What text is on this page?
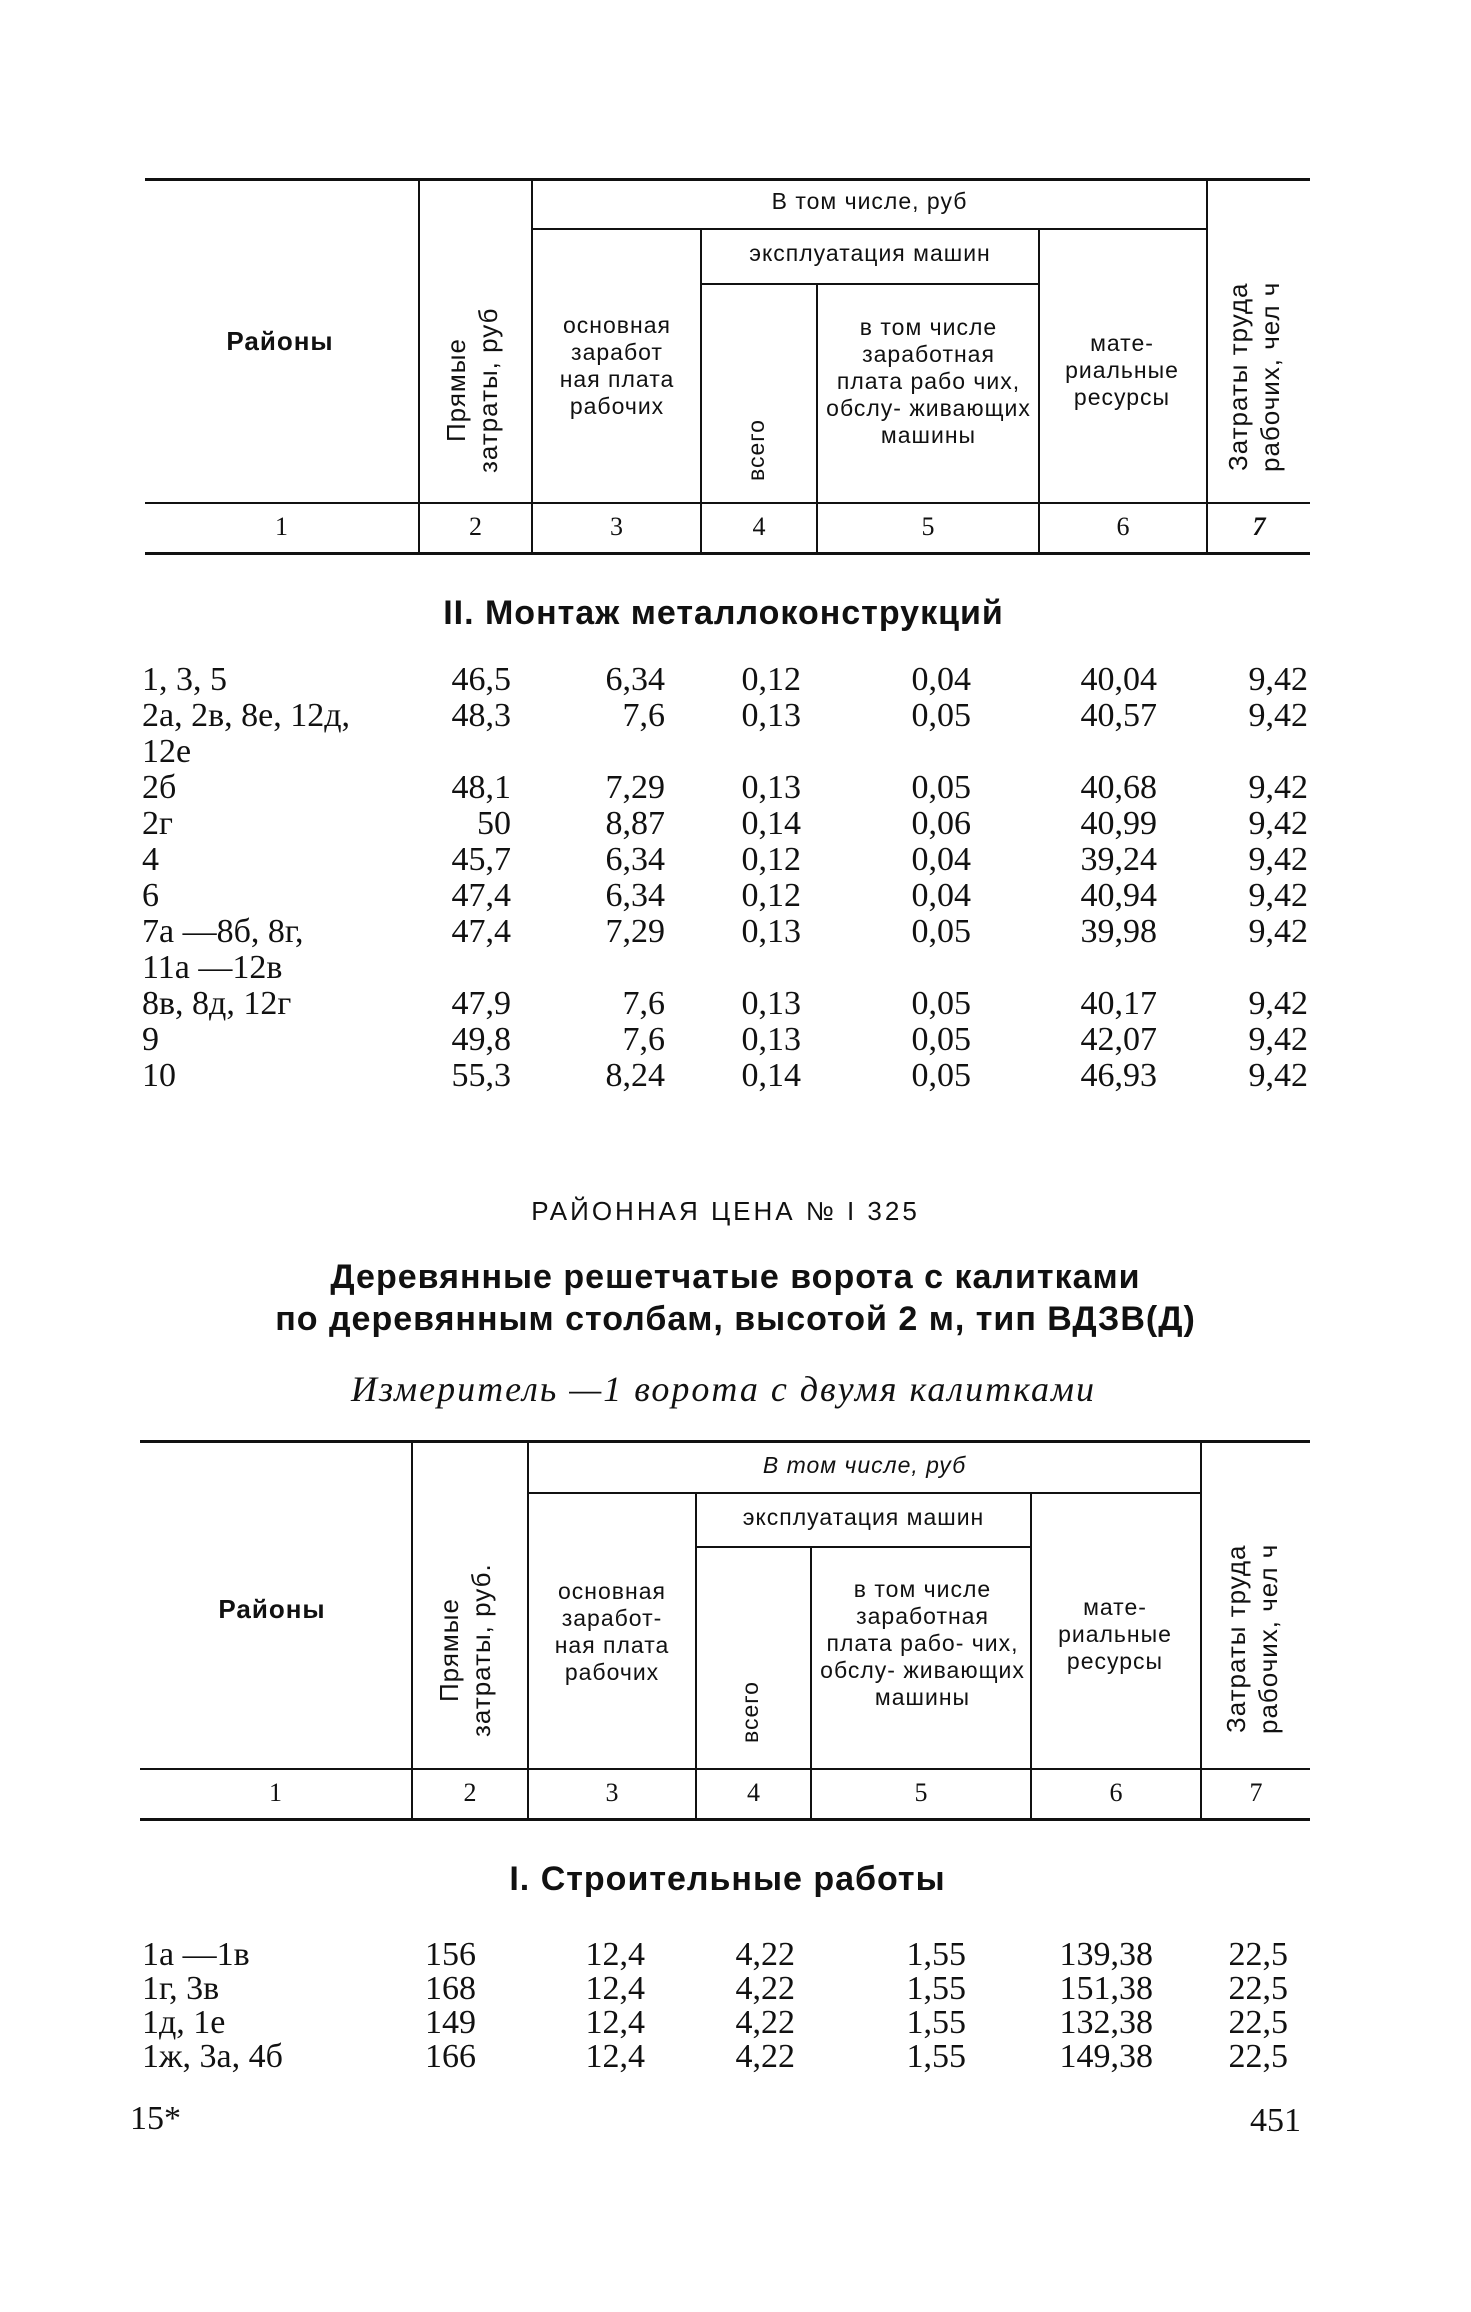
Районы	Прямые затраты, руб
В том числе, руб
эксплуатация машин
основная заработ ная плата рабочих
всего
в том числе заработная плата рабо чих, обслу- живающих машины
мате- риальные ресурсы	Затраты труда рабочих, чел ч
1	2	3	4	5	6	7
II. Монтаж металлоконструкций
1, 3, 5	46,5	6,34 0,12	0,04	40,04	9,42
2а, 2в, 8е, 12д,	48,3	7,6 0,13	0,05	40,57	9,42
12е
2б	48,1	7,29 0,13	0,05	40,68	9,42
2г	50	8,87 0,14	0,06	40,99	9,42
4	45,7	6,34 0,12	0,04	39,24	9,42
6	47,4	6,34 0,12	0,04	40,94	9,42
7а —8б, 8г,	47,4	7,29 0,13	0,05	39,98	9,42
11а —12в
8в, 8д, 12г	47,9	7,6 0,13	0,05	40,17	9,42
9	49,8	7,6 0,13	0,05	42,07	9,42
10	55,3	8,24 0,14	0,05	46,93	9,42
РАЙОННАЯ ЦЕНА № I 325
Деревянные решетчатые ворота с калитками
по деревянным столбам, высотой 2 м, тип ВДЗВ(Д)
Измеритель —1 ворота с двумя калитками
Районы	Прямые затраты, руб.
В том числе, руб
эксплуатация машин
основная заработ- ная плата рабочих
всего
в том числе заработная плата рабо- чих, обслу- живающих машины
мате- риальные ресурсы	Затраты труда рабочих, чел ч
1	2	3	4	5	6	7
I. Строительные работы
1а —1в	156	12,4	4,22	1,55	139,38 22,5
1г, 3в	168	12,4	4,22	1,55	151,38 22,5
1д, 1е	149	12,4	4,22	1,55	132,38 22,5
1ж, 3а, 4б	166	12,4	4,22	1,55	149,38 22,5
15*	451
